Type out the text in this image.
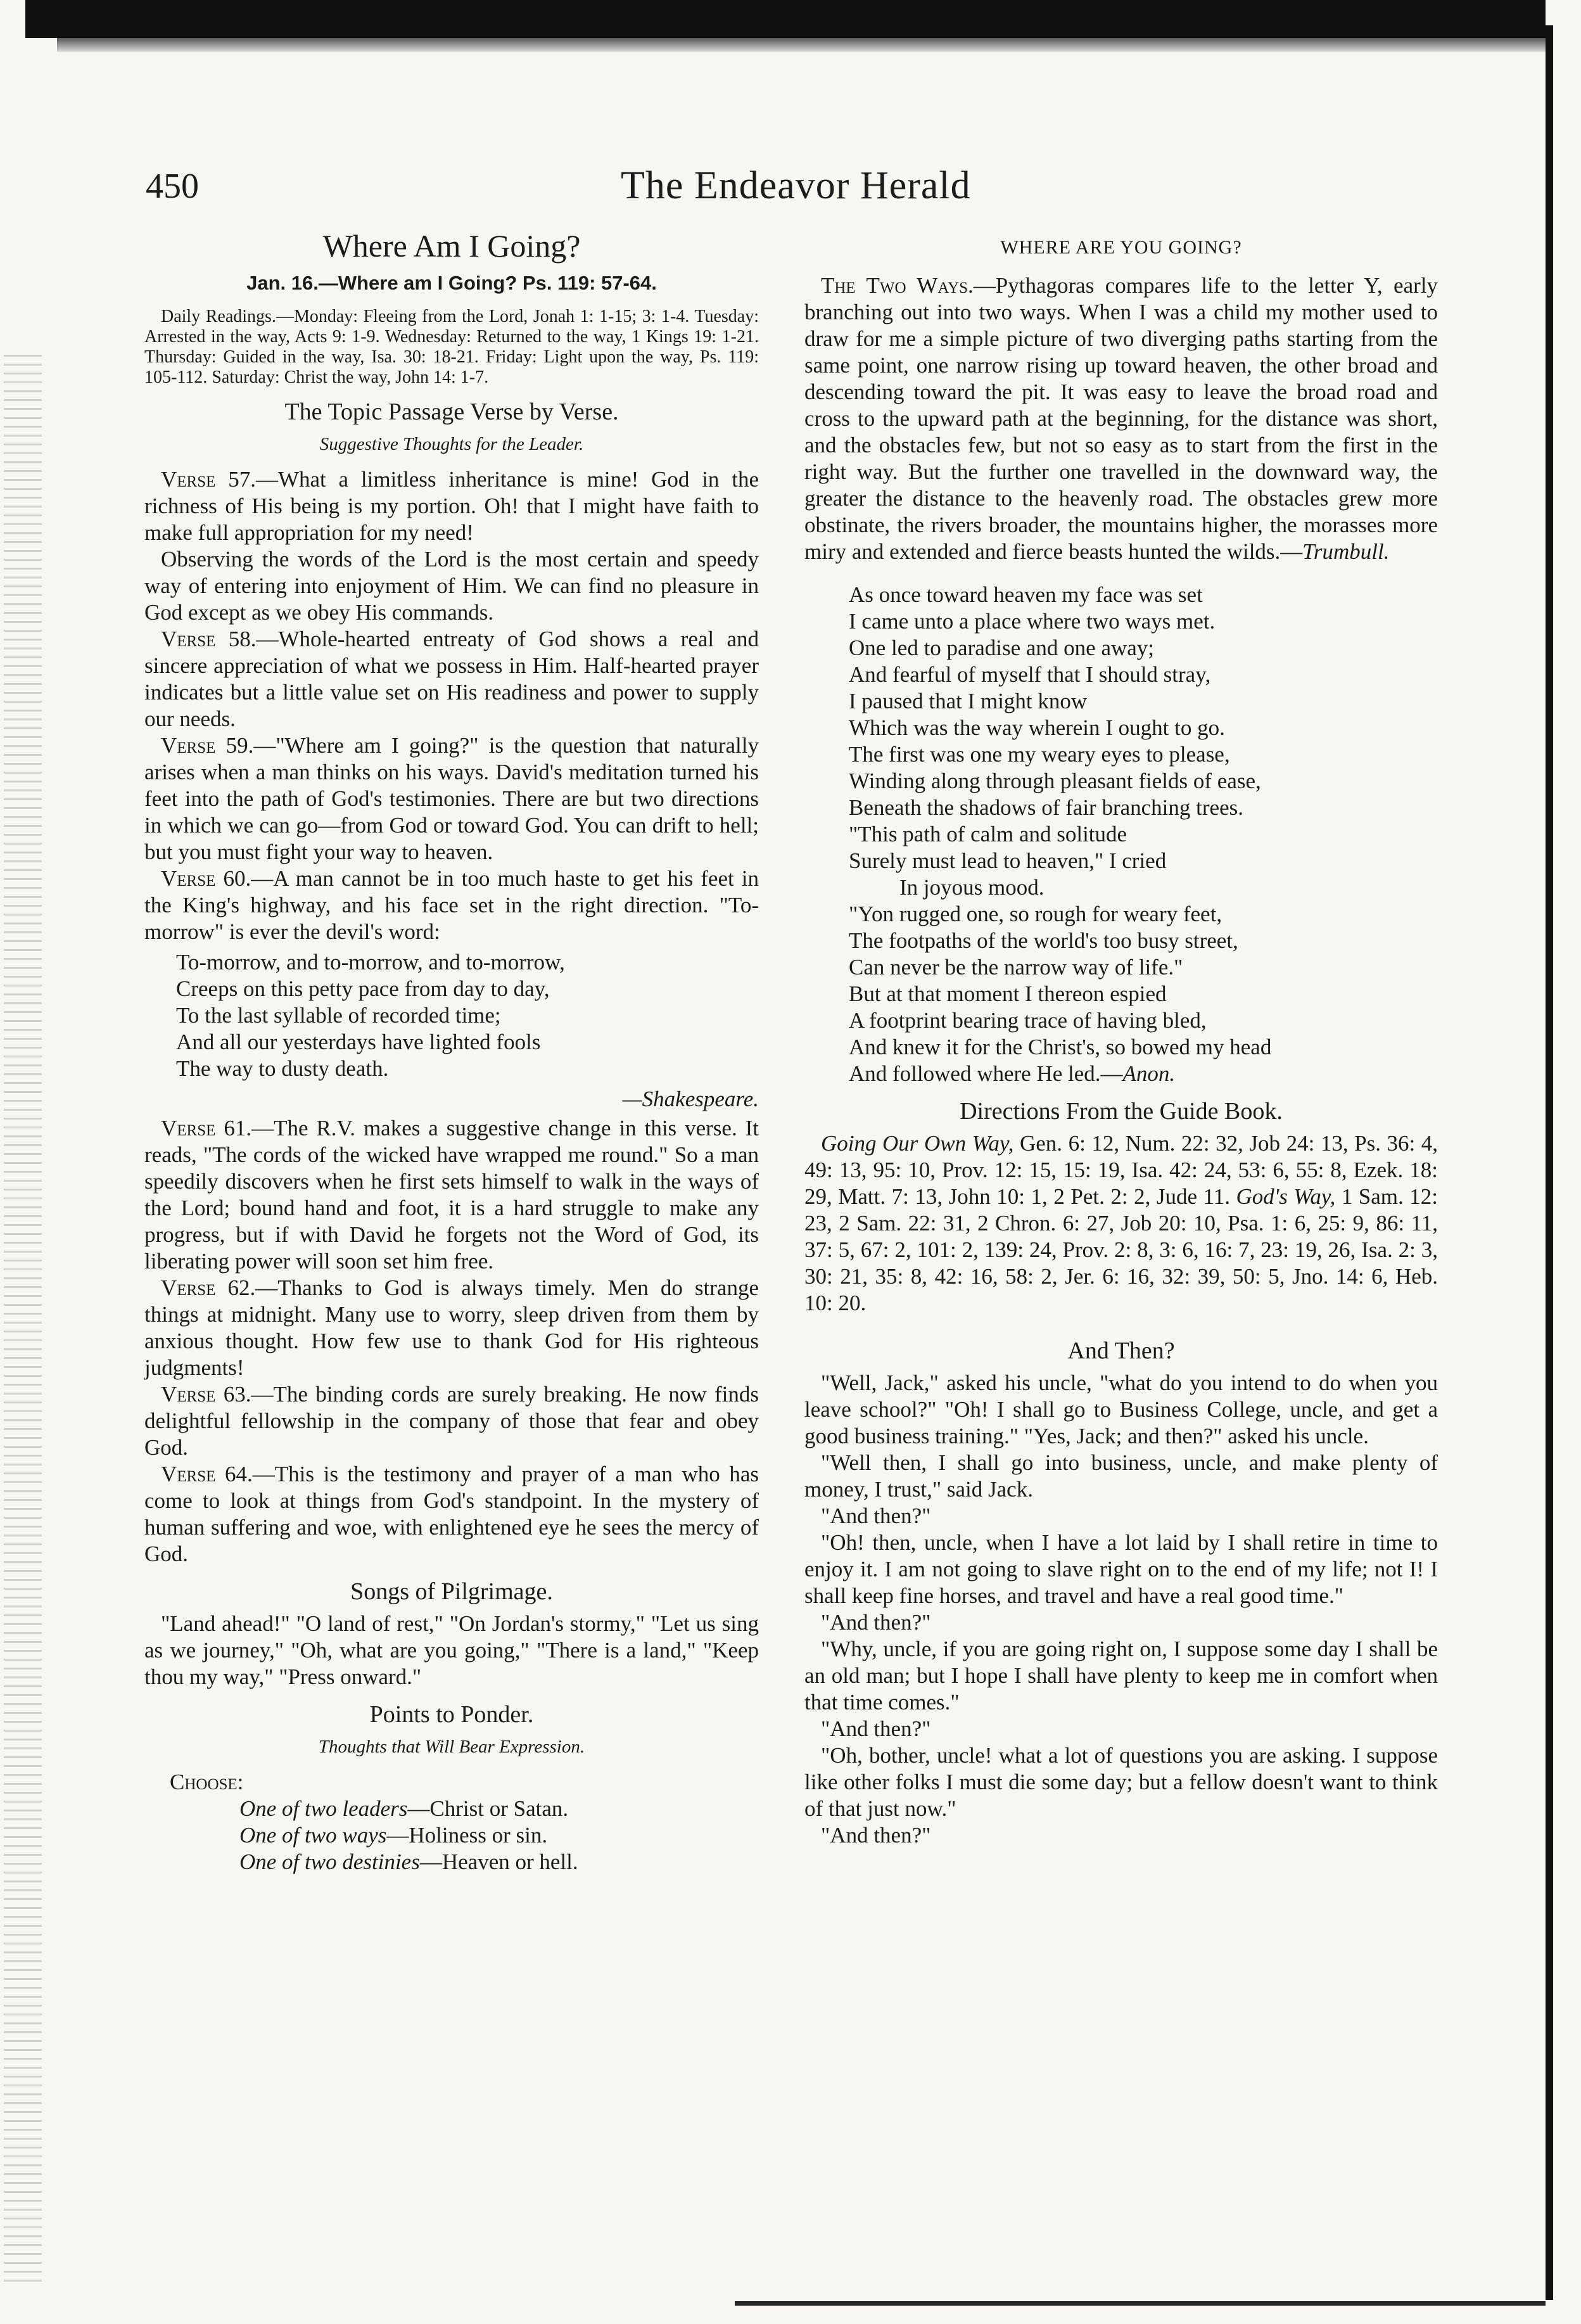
450	The Endeavor Herald
Where Am I Going?
Jan. 16.—Where am I Going? Ps. 119: 57-64.

Daily Readings.—Monday: Fleeing from the Lord, Jonah 1: 1-15; 3: 1-4. Tuesday: Arrested in the way, Acts 9: 1-9. Wednesday: Returned to the way, 1 Kings 19: 1-21. Thursday: Guided in the way, Isa. 30: 18-21. Friday: Light upon the way, Ps. 119: 105-112. Saturday: Christ the way, John 14: 1-7.

The Topic Passage Verse by Verse.
Suggestive Thoughts for the Leader.

Verse 57.—What a limitless inheritance is mine! God in the richness of His being is my portion. Oh! that I might have faith to make full appropriation for my need!

Observing the words of the Lord is the most certain and speedy way of entering into enjoyment of Him. We can find no pleasure in God except as we obey His commands.

Verse 58.—Whole-hearted entreaty of God shows a real and sincere appreciation of what we possess in Him. Half-hearted prayer indicates but a little value set on His readiness and power to supply our needs.

Verse 59.—"Where am I going?" is the question that naturally arises when a man thinks on his ways. David's meditation turned his feet into the path of God's testimonies. There are but two directions in which we can go—from God or toward God. You can drift to hell; but you must fight your way to heaven.

Verse 60.—A man cannot be in too much haste to get his feet in the King's highway, and his face set in the right direction. "To-morrow" is ever the devil's word:

To-morrow, and to-morrow, and to-morrow,
Creeps on this petty pace from day to day,
To the last syllable of recorded time;
And all our yesterdays have lighted fools
The way to dusty death.
—Shakespeare.

Verse 61.—The R.V. makes a suggestive change in this verse. It reads, "The cords of the wicked have wrapped me round." So a man speedily discovers when he first sets himself to walk in the ways of the Lord; bound hand and foot, it is a hard struggle to make any progress, but if with David he forgets not the Word of God, its liberating power will soon set him free.

Verse 62.—Thanks to God is always timely. Men do strange things at midnight. Many use to worry, sleep driven from them by anxious thought. How few use to thank God for His righteous judgments!

Verse 63.—The binding cords are surely breaking. He now finds delightful fellowship in the company of those that fear and obey God.

Verse 64.—This is the testimony and prayer of a man who has come to look at things from God's standpoint. In the mystery of human suffering and woe, with enlightened eye he sees the mercy of God.

Songs of Pilgrimage.

"Land ahead!" "O land of rest," "On Jordan's stormy," "Let us sing as we journey," "Oh, what are you going," "There is a land," "Keep thou my way," "Press onward."

Points to Ponder.
Thoughts that Will Bear Expression.
Choose:
One of two leaders—Christ or Satan.
One of two ways—Holiness or sin.
One of two destinies—Heaven or hell.
WHERE ARE YOU GOING?

The Two Ways.—Pythagoras compares life to the letter Y, early branching out into two ways. When I was a child my mother used to draw for me a simple picture of two diverging paths starting from the same point, one narrow rising up toward heaven, the other broad and descending toward the pit. It was easy to leave the broad road and cross to the upward path at the beginning, for the distance was short, and the obstacles few, but not so easy as to start from the first in the right way. But the further one travelled in the downward way, the greater the distance to the heavenly road. The obstacles grew more obstinate, the rivers broader, the mountains higher, the morasses more miry and extended and fierce beasts hunted the wilds.—Trumbull.

As once toward heaven my face was set
I came unto a place where two ways met.
One led to paradise and one away;
And fearful of myself that I should stray,
I paused that I might know
Which was the way wherein I ought to go.
The first was one my weary eyes to please,
Winding along through pleasant fields of ease,
Beneath the shadows of fair branching trees.
"This path of calm and solitude
Surely must lead to heaven," I cried
In joyous mood.
"Yon rugged one, so rough for weary feet,
The footpaths of the world's too busy street,
Can never be the narrow way of life."
But at that moment I thereon espied
A footprint bearing trace of having bled,
And knew it for the Christ's, so bowed my head
And followed where He led.—Anon.
Directions From the Guide Book.

Going Our Own Way, Gen. 6: 12, Num. 22: 32, Job 24: 13, Ps. 36: 4, 49: 13, 95: 10, Prov. 12: 15, 15: 19, Isa. 42: 24, 53: 6, 55: 8, Ezek. 18: 29, Matt. 7: 13, John 10: 1, 2 Pet. 2: 2, Jude 11. God's Way, 1 Sam. 12: 23, 2 Sam. 22: 31, 2 Chron. 6: 27, Job 20: 10, Psa. 1: 6, 25: 9, 86: 11, 37: 5, 67: 2, 101: 2, 139: 24, Prov. 2: 8, 3: 6, 16: 7, 23: 19, 26, Isa. 2: 3, 30: 21, 35: 8, 42: 16, 58: 2, Jer. 6: 16, 32: 39, 50: 5, Jno. 14: 6, Heb. 10: 20.

And Then?

"Well, Jack," asked his uncle, "what do you intend to do when you leave school?" "Oh! I shall go to Business College, uncle, and get a good business training." "Yes, Jack; and then?" asked his uncle.

"Well then, I shall go into business, uncle, and make plenty of money, I trust," said Jack.

"And then?"

"Oh! then, uncle, when I have a lot laid by I shall retire in time to enjoy it. I am not going to slave right on to the end of my life; not I! I shall keep fine horses, and travel and have a real good time."

"And then?"

"Why, uncle, if you are going right on, I suppose some day I shall be an old man; but I hope I shall have plenty to keep me in comfort when that time comes."

"And then?"

"Oh, bother, uncle! what a lot of questions you are asking. I suppose like other folks I must die some day; but a fellow doesn't want to think of that just now."

"And then?"
